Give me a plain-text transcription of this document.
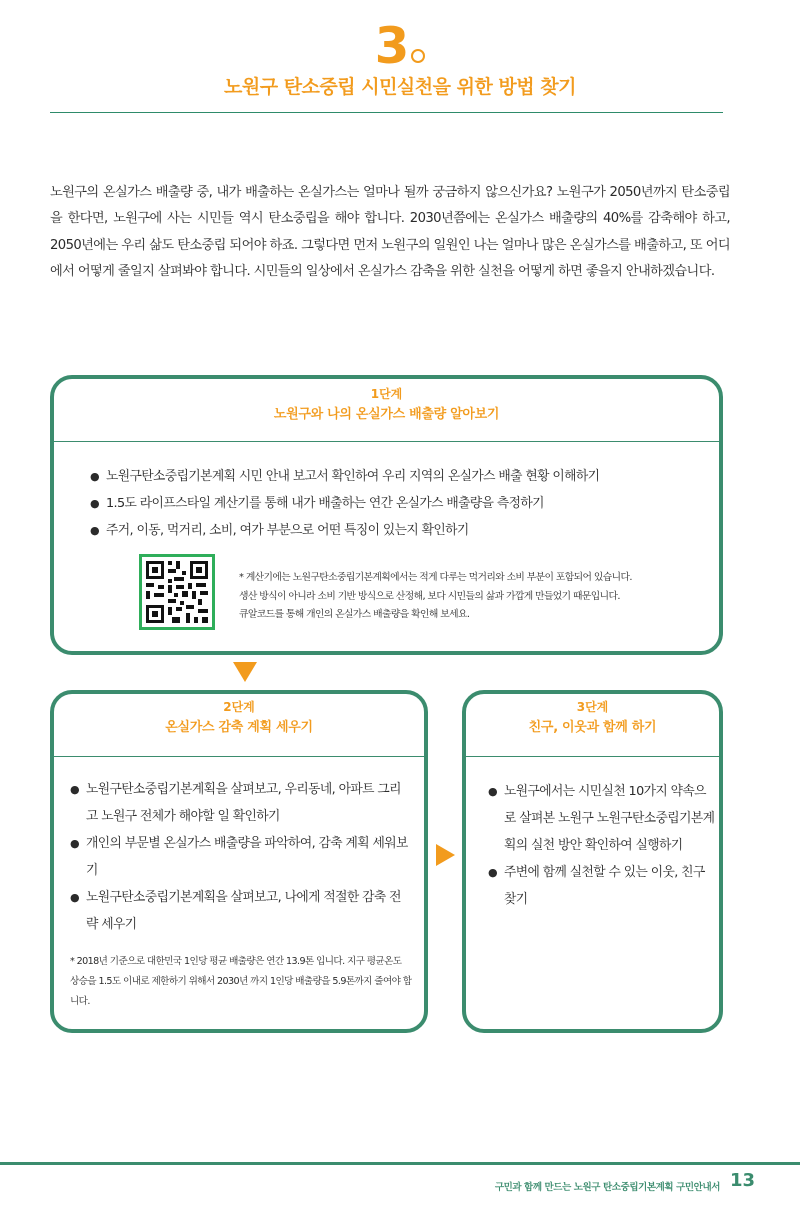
3
노원구 탄소중립 시민실천을 위한 방법 찾기
노원구의 온실가스 배출량 중, 내가 배출하는 온실가스는 얼마나 될까 궁금하지 않으신가요? 노원구가 2050년까지 탄소중립을 한다면, 노원구에 사는 시민들 역시 탄소중립을 해야 합니다. 2030년쯤에는 온실가스 배출량의 40%를 감축해야 하고, 2050년에는 우리 삶도 탄소중립 되어야 하죠. 그렇다면 먼저 노원구의 일원인 나는 얼마나 많은 온실가스를 배출하고, 또 어디에서 어떻게 줄일지 살펴봐야 합니다. 시민들의 일상에서 온실가스 감축을 위한 실천을 어떻게 하면 좋을지 안내하겠습니다.
1단계
노원구와 나의 온실가스 배출량 알아보기
● 노원구탄소중립기본계획 시민 안내 보고서 확인하여 우리 지역의 온실가스 배출 현황 이해하기
● 1.5도 라이프스타일 계산기를 통해 내가 배출하는 연간 온실가스 배출량을 측정하기
● 주거, 이동, 먹거리, 소비, 여가 부분으로 어떤 특징이 있는지 확인하기
* 계산기에는 노원구탄소중립기본계획에서는 적게 다루는 먹거리와 소비 부분이 포함되어 있습니다.
생산 방식이 아니라 소비 기반 방식으로 산정해, 보다 시민들의 삶과 가깝게 만들었기 때문입니다.
큐알코드를 통해 개인의 온실가스 배출량을 확인해 보세요.
2단계
온실가스 감축 계획 세우기
● 노원구탄소중립기본계획을 살펴보고, 우리동네, 아파트 그리고 노원구 전체가 해야할 일 확인하기
● 개인의 부문별 온실가스 배출량을 파악하여, 감축 계획 세워보기
● 노원구탄소중립기본계획을 살펴보고, 나에게 적절한 감축 전략 세우기
* 2018년 기준으로 대한민국 1인당 평균 배출량은 연간 13.9톤 입니다. 지구 평균온도 상승을 1.5도 이내로 제한하기 위해서 2030년 까지 1인당 배출량을 5.9톤까지 줄여야 합니다.
3단계
친구, 이웃과 함께 하기
● 노원구에서는 시민실천 10가지 약속으로 살펴본 노원구 노원구탄소중립기본계획의 실천 방안 확인하여 실행하기
● 주변에 함께 실천할 수 있는 이웃, 친구 찾기
구민과 함께 만드는 노원구 탄소중립기본계획 구민안내서 13
